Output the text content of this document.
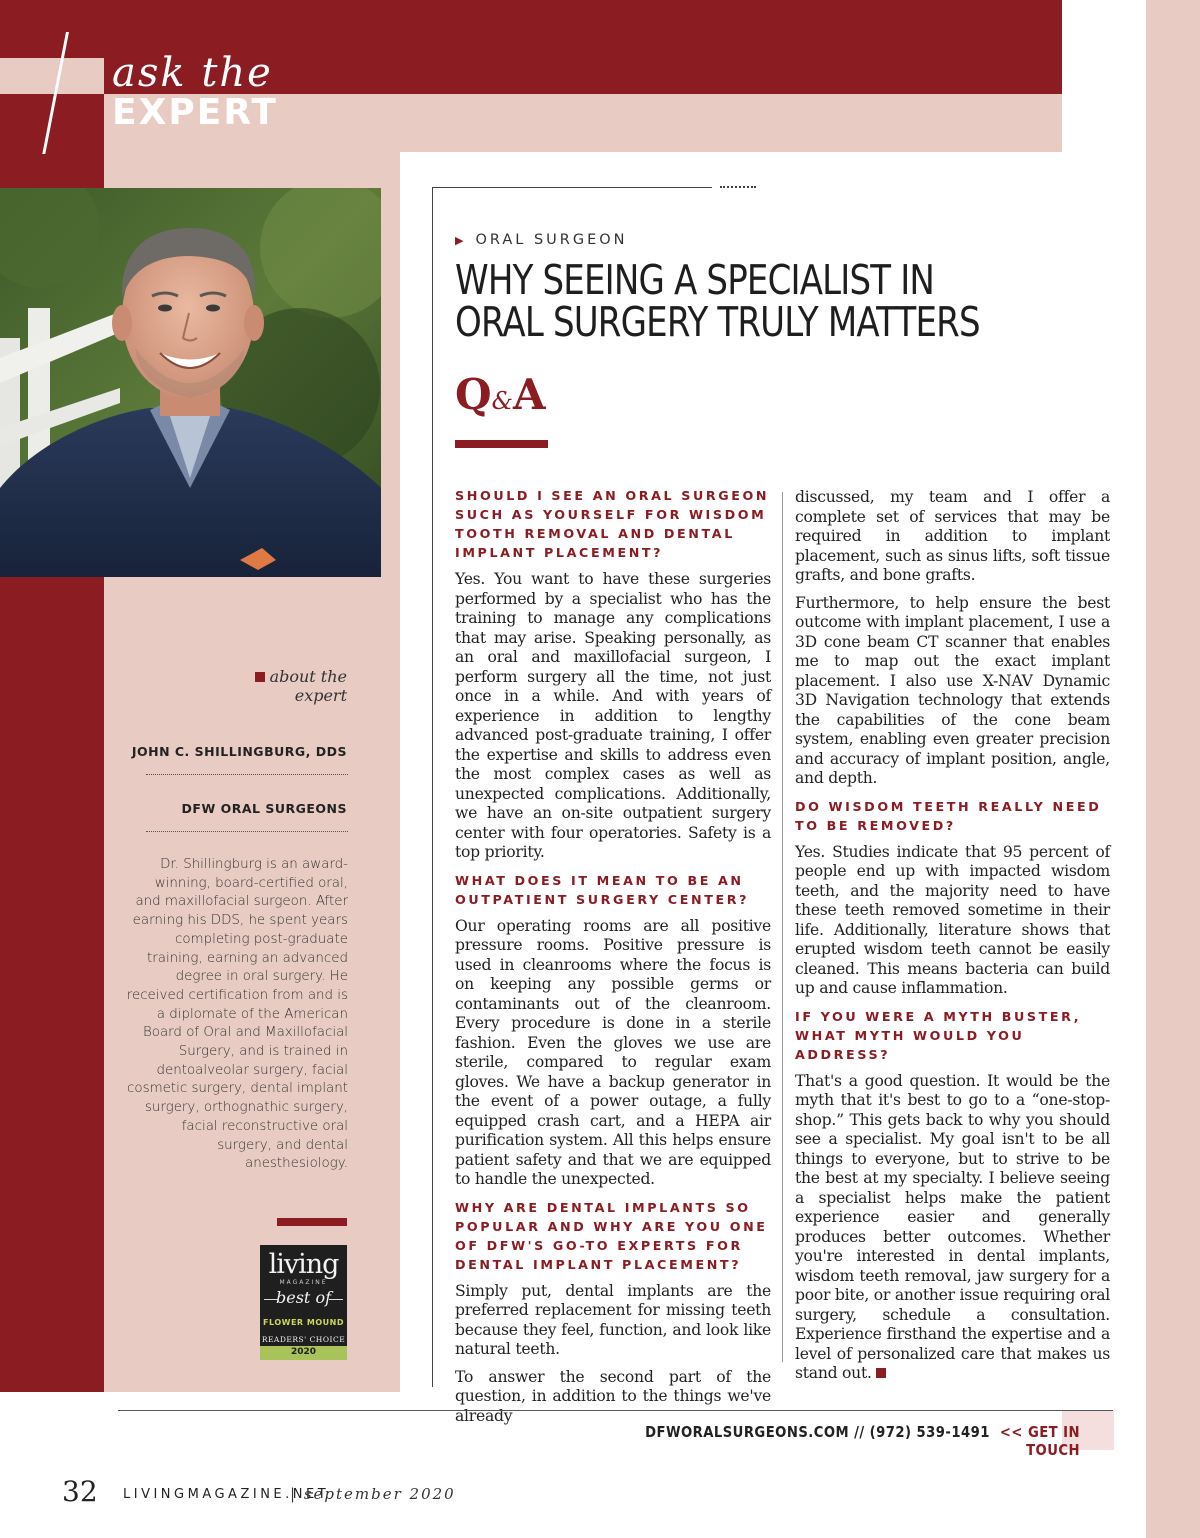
ask the
EXPERT
about the expert
JOHN C. SHILLINGBURG, DDS
DFW ORAL SURGEONS
Dr. Shillingburg is an award-winning, board-certified oral, and maxillofacial surgeon. After earning his DDS, he spent years completing post-graduate training, earning an advanced degree in oral surgery. He received certification from and is a diplomate of the American Board of Oral and Maxillofacial Surgery, and is trained in dentoalveolar surgery, facial cosmetic surgery, dental implant surgery, orthognathic surgery, facial reconstructive oral surgery, and dental anesthesiology.
living
MAGAZINE
best of
FLOWER MOUND
READERS' CHOICE
2020
▶ ORAL SURGEON
WHY SEEING A SPECIALIST IN
ORAL SURGERY TRULY MATTERS
Q&A

SHOULD I SEE AN ORAL SURGEON SUCH AS YOURSELF FOR WISDOM TOOTH REMOVAL AND DENTAL IMPLANT PLACEMENT?

Yes. You want to have these surgeries performed by a specialist who has the training to manage any complications that may arise. Speaking personally, as an oral and maxillofacial surgeon, I perform surgery all the time, not just once in a while. And with years of experience in addition to lengthy advanced post-graduate training, I offer the expertise and skills to address even the most complex cases as well as unexpected complications. Additionally, we have an on-site outpatient surgery center with four operatories. Safety is a top priority.

WHAT DOES IT MEAN TO BE AN OUTPATIENT SURGERY CENTER?

Our operating rooms are all positive pressure rooms. Positive pressure is used in cleanrooms where the focus is on keeping any possible germs or contaminants out of the cleanroom. Every procedure is done in a sterile fashion. Even the gloves we use are sterile, compared to regular exam gloves. We have a backup generator in the event of a power outage, a fully equipped crash cart, and a HEPA air purification system. All this helps ensure patient safety and that we are equipped to handle the unexpected.

WHY ARE DENTAL IMPLANTS SO POPULAR AND WHY ARE YOU ONE OF DFW'S GO-TO EXPERTS FOR DENTAL IMPLANT PLACEMENT?

Simply put, dental implants are the preferred replacement for missing teeth because they feel, function, and look like natural teeth.

To answer the second part of the question, in addition to the things we've already

discussed, my team and I offer a complete set of services that may be required in addition to implant placement, such as sinus lifts, soft tissue grafts, and bone grafts.

Furthermore, to help ensure the best outcome with implant placement, I use a 3D cone beam CT scanner that enables me to map out the exact implant placement. I also use X-NAV Dynamic 3D Navigation technology that extends the capabilities of the cone beam system, enabling even greater precision and accuracy of implant position, angle, and depth.

DO WISDOM TEETH REALLY NEED TO BE REMOVED?

Yes. Studies indicate that 95 percent of people end up with impacted wisdom teeth, and the majority need to have these teeth removed sometime in their life. Additionally, literature shows that erupted wisdom teeth cannot be easily cleaned. This means bacteria can build up and cause inflammation.

IF YOU WERE A MYTH BUSTER, WHAT MYTH WOULD YOU ADDRESS?

That's a good question. It would be the myth that it's best to go to a “one-stop-shop.” This gets back to why you should see a specialist. My goal isn't to be all things to everyone, but to strive to be the best at my specialty. I believe seeing a specialist helps make the patient experience easier and generally produces better outcomes. Whether you're interested in dental implants, wisdom teeth removal, jaw surgery for a poor bite, or another issue requiring oral surgery, schedule a consultation. Experience firsthand the expertise and a level of personalized care that makes us stand out.

DFWORALSURGEONS.COM // (972) 539-1491 << GET IN TOUCH
32 LIVINGMAGAZINE.NET
| september 2020
